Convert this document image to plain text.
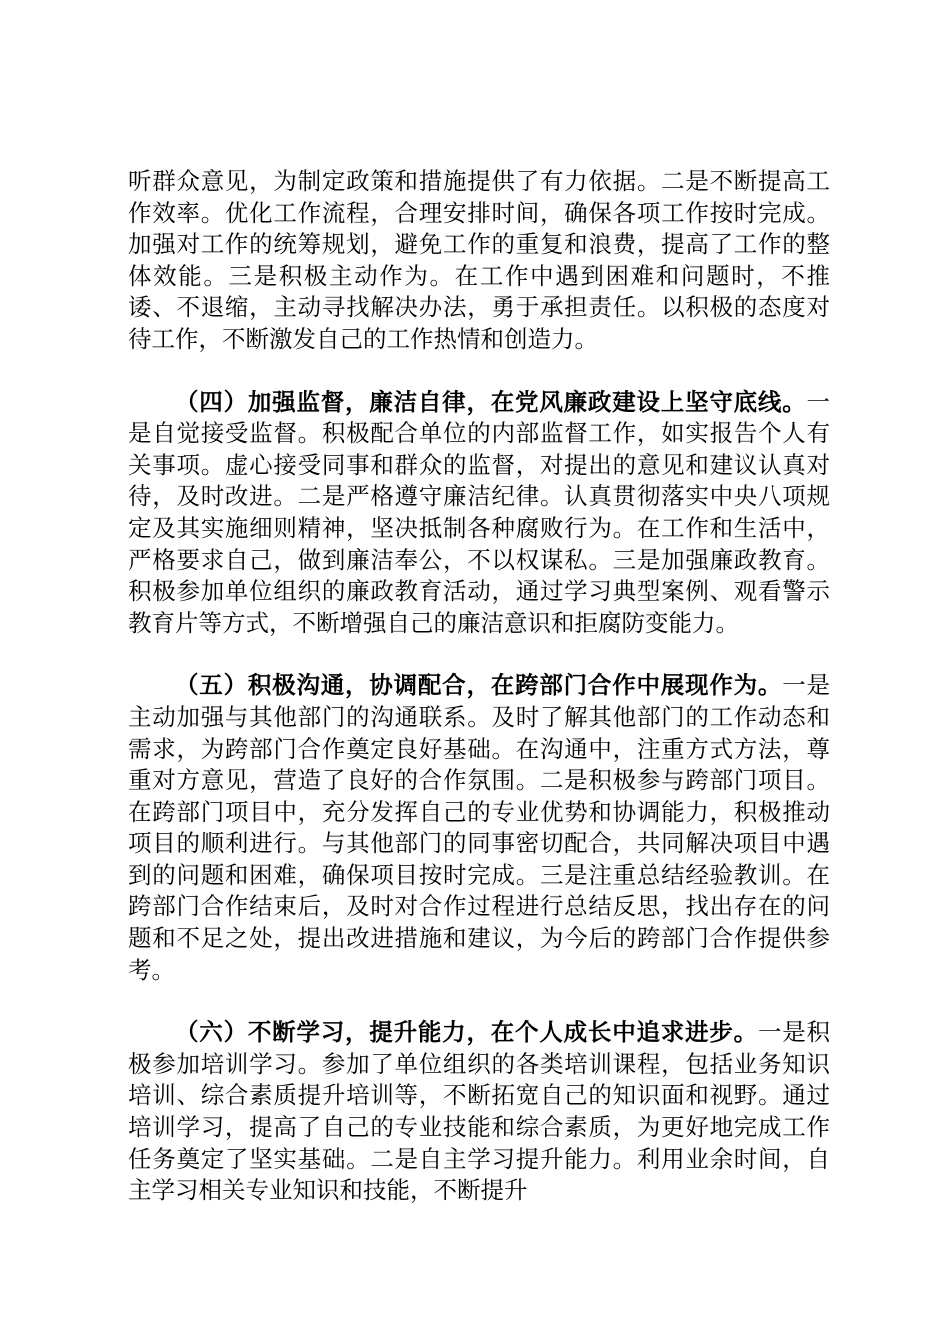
听群众意见，为制定政策和措施提供了有力依据。二是不断提高工作效率。优化工作流程，合理安排时间，确保各项工作按时完成。加强对工作的统筹规划，避免工作的重复和浪费，提高了工作的整体效能。三是积极主动作为。在工作中遇到困难和问题时，不推诿、不退缩，主动寻找解决办法，勇于承担责任。以积极的态度对待工作，不断激发自己的工作热情和创造力。

（四）加强监督，廉洁自律，在党风廉政建设上坚守底线。一是自觉接受监督。积极配合单位的内部监督工作，如实报告个人有关事项。虚心接受同事和群众的监督，对提出的意见和建议认真对待，及时改进。二是严格遵守廉洁纪律。认真贯彻落实中央八项规定及其实施细则精神，坚决抵制各种腐败行为。在工作和生活中，严格要求自己，做到廉洁奉公，不以权谋私。三是加强廉政教育。积极参加单位组织的廉政教育活动，通过学习典型案例、观看警示教育片等方式，不断增强自己的廉洁意识和拒腐防变能力。

（五）积极沟通，协调配合，在跨部门合作中展现作为。一是主动加强与其他部门的沟通联系。及时了解其他部门的工作动态和需求，为跨部门合作奠定良好基础。在沟通中，注重方式方法，尊重对方意见，营造了良好的合作氛围。二是积极参与跨部门项目。在跨部门项目中，充分发挥自己的专业优势和协调能力，积极推动项目的顺利进行。与其他部门的同事密切配合，共同解决项目中遇到的问题和困难，确保项目按时完成。三是注重总结经验教训。在跨部门合作结束后，及时对合作过程进行总结反思，找出存在的问题和不足之处，提出改进措施和建议，为今后的跨部门合作提供参考。

（六）不断学习，提升能力，在个人成长中追求进步。一是积极参加培训学习。参加了单位组织的各类培训课程，包括业务知识培训、综合素质提升培训等，不断拓宽自己的知识面和视野。通过培训学习，提高了自己的专业技能和综合素质，为更好地完成工作任务奠定了坚实基础。二是自主学习提升能力。利用业余时间，自主学习相关专业知识和技能，不断提升
